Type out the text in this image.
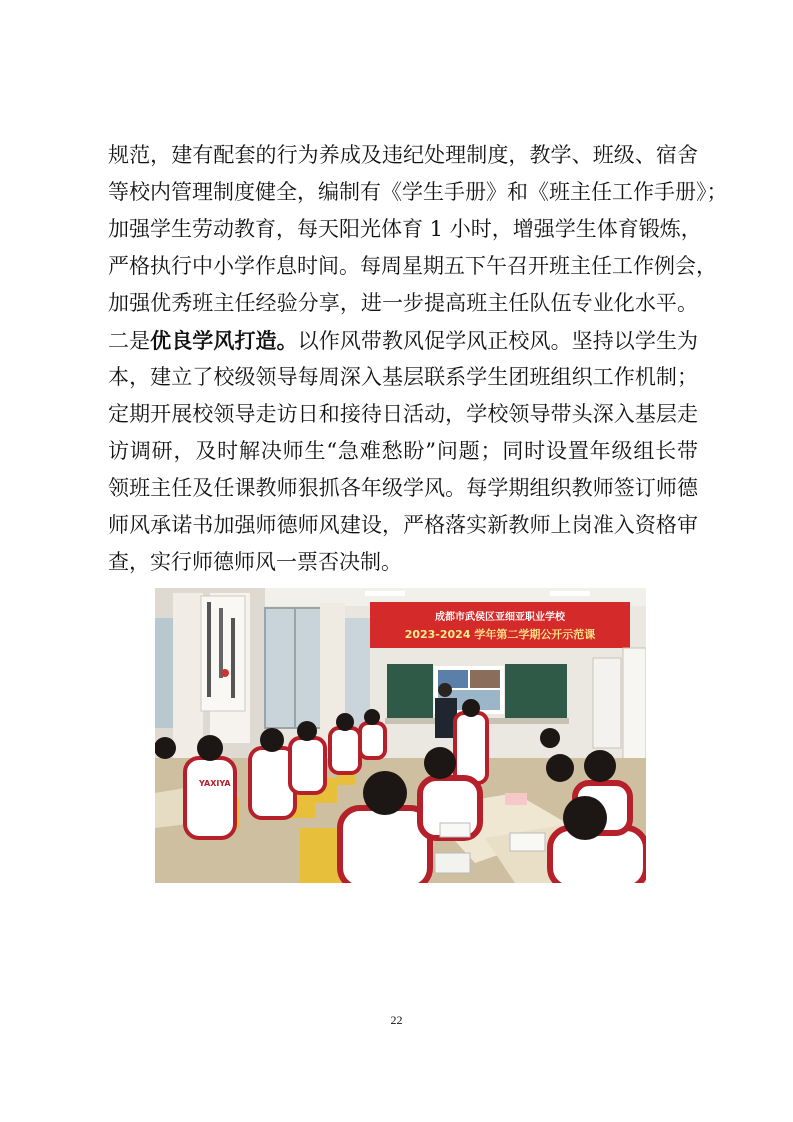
规范，建有配套的行为养成及违纪处理制度，教学、班级、宿舍
等校内管理制度健全，编制有《学生手册》和《班主任工作手册》；
加强学生劳动教育，每天阳光体育 1 小时，增强学生体育锻炼，
严格执行中小学作息时间。每周星期五下午召开班主任工作例会，
加强优秀班主任经验分享，进一步提高班主任队伍专业化水平。
二是优良学风打造。以作风带教风促学风正校风。坚持以学生为
本，建立了校级领导每周深入基层联系学生团班组织工作机制；
定期开展校领导走访日和接待日活动，学校领导带头深入基层走
访调研，及时解决师生“急难愁盼”问题；同时设置年级组长带
领班主任及任课教师狠抓各年级学风。每学期组织教师签订师德
师风承诺书加强师德师风建设，严格落实新教师上岗准入资格审
查，实行师德师风一票否决制。
成都市武侯区亚细亚职业学校
2023-2024 学年第二学期公开示范课
YAXIYA
22
